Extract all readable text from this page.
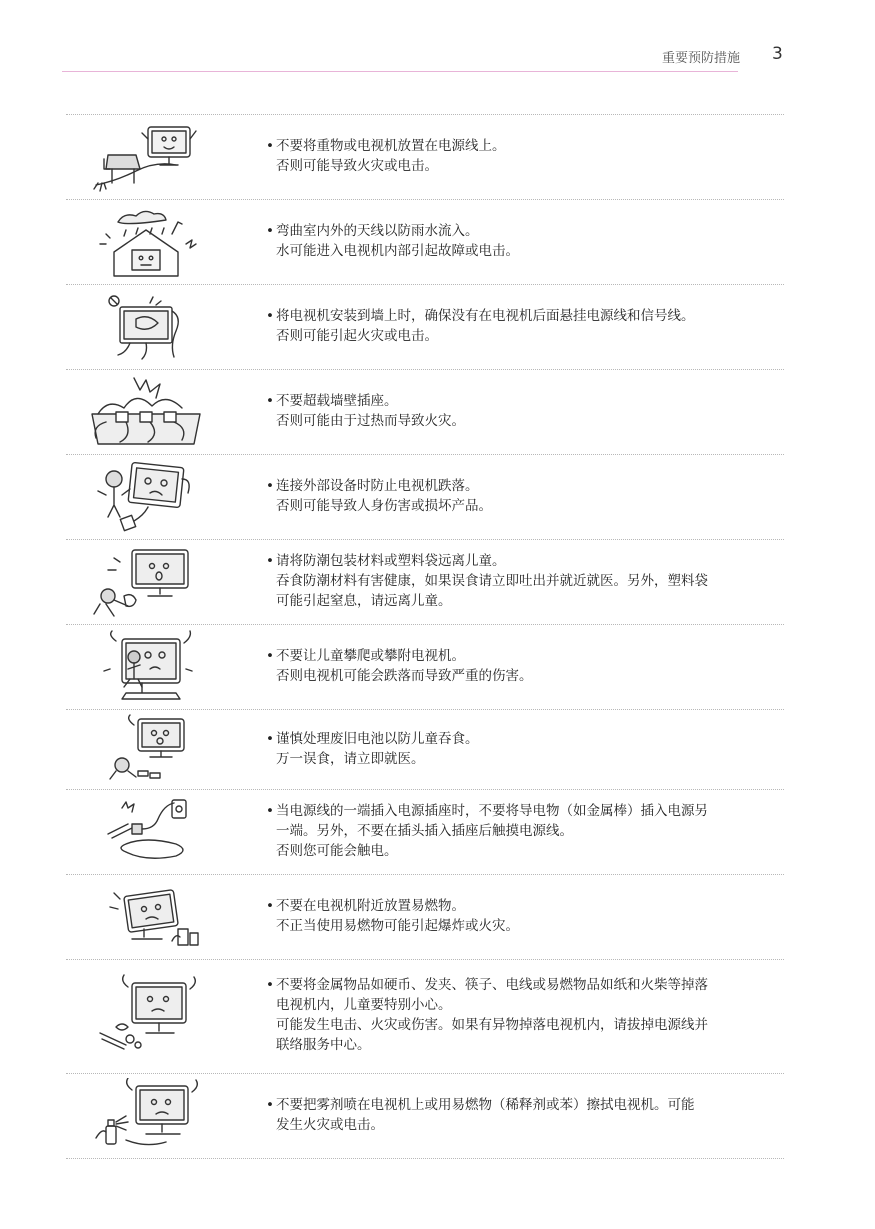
重要预防措施 3
• 不要将重物或电视机放置在电源线上。
否则可能导致火灾或电击。
• 弯曲室内外的天线以防雨水流入。
水可能进入电视机内部引起故障或电击。
• 将电视机安装到墙上时，确保没有在电视机后面悬挂电源线和信号线。
否则可能引起火灾或电击。
• 不要超载墙壁插座。
否则可能由于过热而导致火灾。
• 连接外部设备时防止电视机跌落。
否则可能导致人身伤害或损坏产品。
• 请将防潮包装材料或塑料袋远离儿童。
吞食防潮材料有害健康，如果误食请立即吐出并就近就医。另外，塑料袋
可能引起窒息，请远离儿童。
• 不要让儿童攀爬或攀附电视机。
否则电视机可能会跌落而导致严重的伤害。
• 谨慎处理废旧电池以防儿童吞食。
万一误食，请立即就医。
• 当电源线的一端插入电源插座时，不要将导电物（如金属棒）插入电源另
一端。另外，不要在插头插入插座后触摸电源线。
否则您可能会触电。
• 不要在电视机附近放置易燃物。
不正当使用易燃物可能引起爆炸或火灾。
• 不要将金属物品如硬币、发夹、筷子、电线或易燃物品如纸和火柴等掉落
电视机内，儿童要特别小心。
可能发生电击、火灾或伤害。如果有异物掉落电视机内，请拔掉电源线并
联络服务中心。
• 不要把雾剂喷在电视机上或用易燃物（稀释剂或苯）擦拭电视机。可能
发生火灾或电击。
